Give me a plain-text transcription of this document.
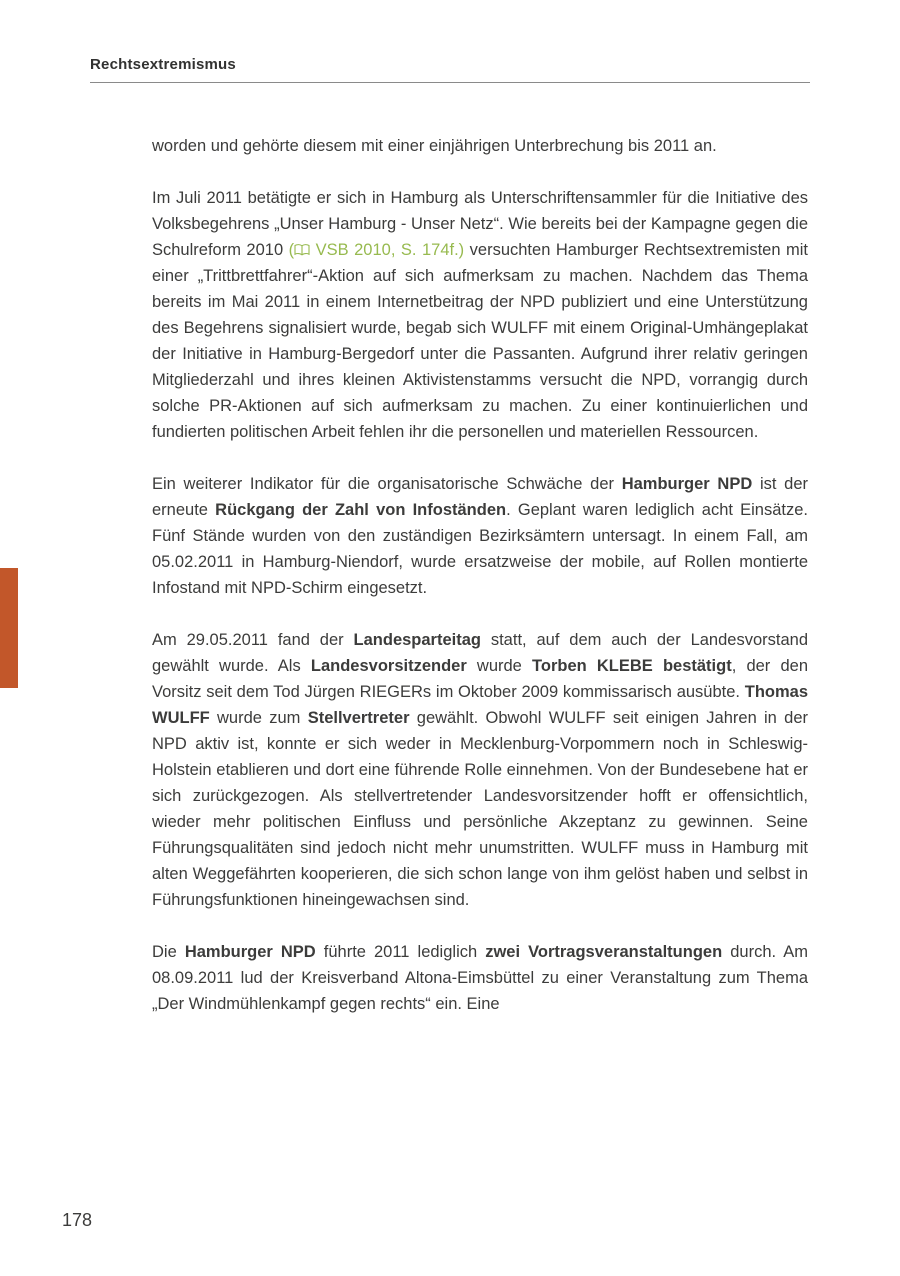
Rechtsextremismus

worden und gehörte diesem mit einer einjährigen Unterbrechung bis 2011 an.

Im Juli 2011 betätigte er sich in Hamburg als Unterschriftensammler für die Initiative des Volksbegehrens „Unser Hamburg - Unser Netz“. Wie bereits bei der Kampagne gegen die Schulreform 2010 ( VSB 2010, S. 174f.) versuchten Hamburger Rechtsextremisten mit einer „Trittbrettfahrer“-Aktion auf sich aufmerksam zu machen. Nachdem das Thema bereits im Mai 2011 in einem Internetbeitrag der NPD publiziert und eine Unterstützung des Begehrens signalisiert wurde, begab sich WULFF mit einem Original-Umhängeplakat der Initiative in Hamburg-Bergedorf unter die Passanten. Aufgrund ihrer relativ geringen Mitgliederzahl und ihres kleinen Aktivistenstamms versucht die NPD, vorrangig durch solche PR-Aktionen auf sich aufmerksam zu machen. Zu einer kontinuierlichen und fundierten politischen Arbeit fehlen ihr die personellen und materiellen Ressourcen.

Ein weiterer Indikator für die organisatorische Schwäche der Hamburger NPD ist der erneute Rückgang der Zahl von Infoständen. Geplant waren lediglich acht Einsätze. Fünf Stände wurden von den zuständigen Bezirksämtern untersagt. In einem Fall, am 05.02.2011 in Hamburg-Niendorf, wurde ersatzweise der mobile, auf Rollen montierte Infostand mit NPD-Schirm eingesetzt.

Am 29.05.2011 fand der Landesparteitag statt, auf dem auch der Landesvorstand gewählt wurde. Als Landesvorsitzender wurde Torben KLEBE bestätigt, der den Vorsitz seit dem Tod Jürgen RIEGERs im Oktober 2009 kommissarisch ausübte. Thomas WULFF wurde zum Stellvertreter gewählt. Obwohl WULFF seit einigen Jahren in der NPD aktiv ist, konnte er sich weder in Mecklenburg-Vorpommern noch in Schleswig-Holstein etablieren und dort eine führende Rolle einnehmen. Von der Bundesebene hat er sich zurückgezogen. Als stellvertretender Landesvorsitzender hofft er offensichtlich, wieder mehr politischen Einfluss und persönliche Akzeptanz zu gewinnen. Seine Führungsqualitäten sind jedoch nicht mehr unumstritten. WULFF muss in Hamburg mit alten Weggefährten kooperieren, die sich schon lange von ihm gelöst haben und selbst in Führungsfunktionen hineingewachsen sind.

Die Hamburger NPD führte 2011 lediglich zwei Vortragsveranstaltungen durch. Am 08.09.2011 lud der Kreisverband Altona-Eimsbüttel zu einer Veranstaltung zum Thema „Der Windmühlenkampf gegen rechts“ ein. Eine

178
